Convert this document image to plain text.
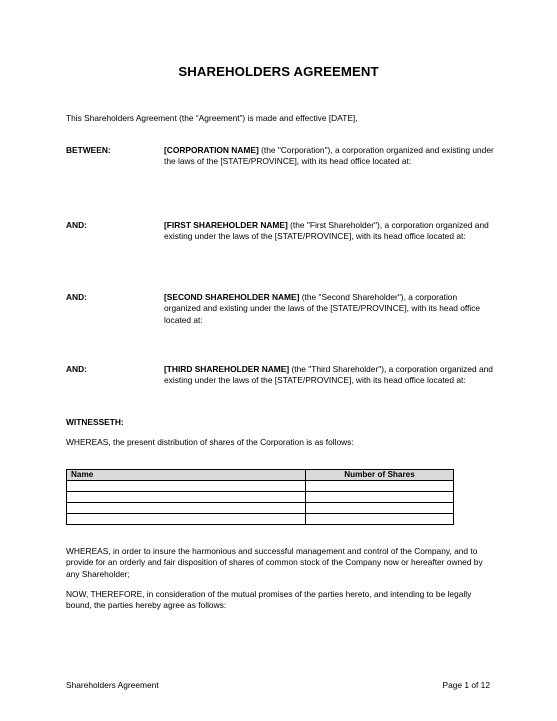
SHAREHOLDERS AGREEMENT
This Shareholders Agreement (the “Agreement”) is made and effective [DATE],
BETWEEN:	[CORPORATION NAME] (the "Corporation"), a corporation organized and existing under the laws of the [STATE/PROVINCE], with its head office located at:
AND:	[FIRST SHAREHOLDER NAME] (the "First Shareholder"), a corporation organized and existing under the laws of the [STATE/PROVINCE], with its head office located at:
AND:	[SECOND SHAREHOLDER NAME] (the "Second Shareholder"), a corporation organized and existing under the laws of the [STATE/PROVINCE], with its head office located at:
AND:	[THIRD SHAREHOLDER NAME] (the "Third Shareholder"), a corporation organized and existing under the laws of the [STATE/PROVINCE], with its head office located at:
WITNESSETH:
WHEREAS, the present distribution of shares of the Corporation is as follows:
Name	Number of Shares

WHEREAS, in order to insure the harmonious and successful management and control of the Company, and to provide for an orderly and fair disposition of shares of common stock of the Company now or hereafter owned by any Shareholder;
NOW, THEREFORE, in consideration of the mutual promises of the parties hereto, and intending to be legally bound, the parties hereby agree as follows:
Shareholders Agreement	Page 1 of 12
